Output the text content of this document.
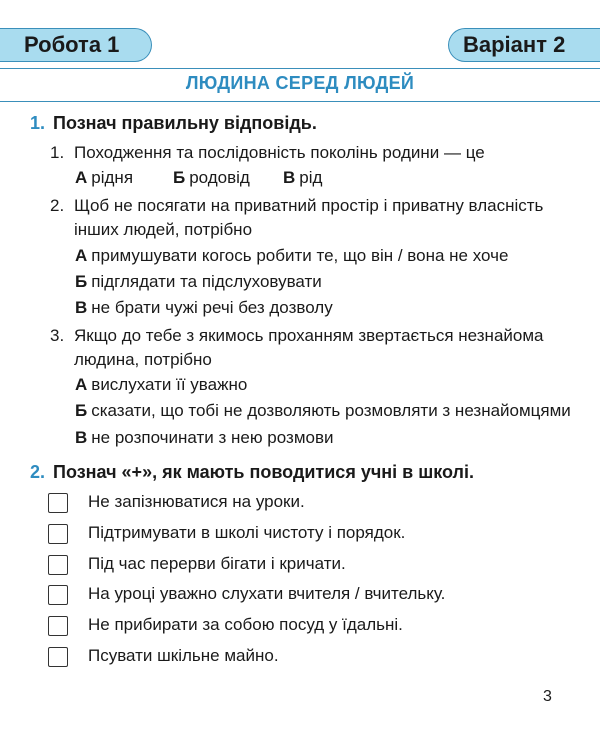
Робота 1	Варіант 2
ЛЮДИНА СЕРЕД ЛЮДЕЙ
1. Познач правильну відповідь.
1. Походження та послідовність поколінь родини — це
А рідня Б родовід В рід
2. Щоб не посягати на приватний простір і приватну власність
інших людей, потрібно
А примушувати когось робити те, що він / вона не хоче
Б підглядати та підслуховувати
В не брати чужі речі без дозволу
3. Якщо до тебе з якимось проханням звертається незнайома
людина, потрібно
А вислухати її уважно
Б сказати, що тобі не дозволяють розмовляти з незнайомцями
В не розпочинати з нею розмови
2. Познач «+», як мають поводитися учні в школі.
Не запізнюватися на уроки.
Підтримувати в школі чистоту і порядок.
Під час перерви бігати і кричати.
На уроці уважно слухати вчителя / вчительку.
Не прибирати за собою посуд у їдальні.
Псувати шкільне майно.
3
